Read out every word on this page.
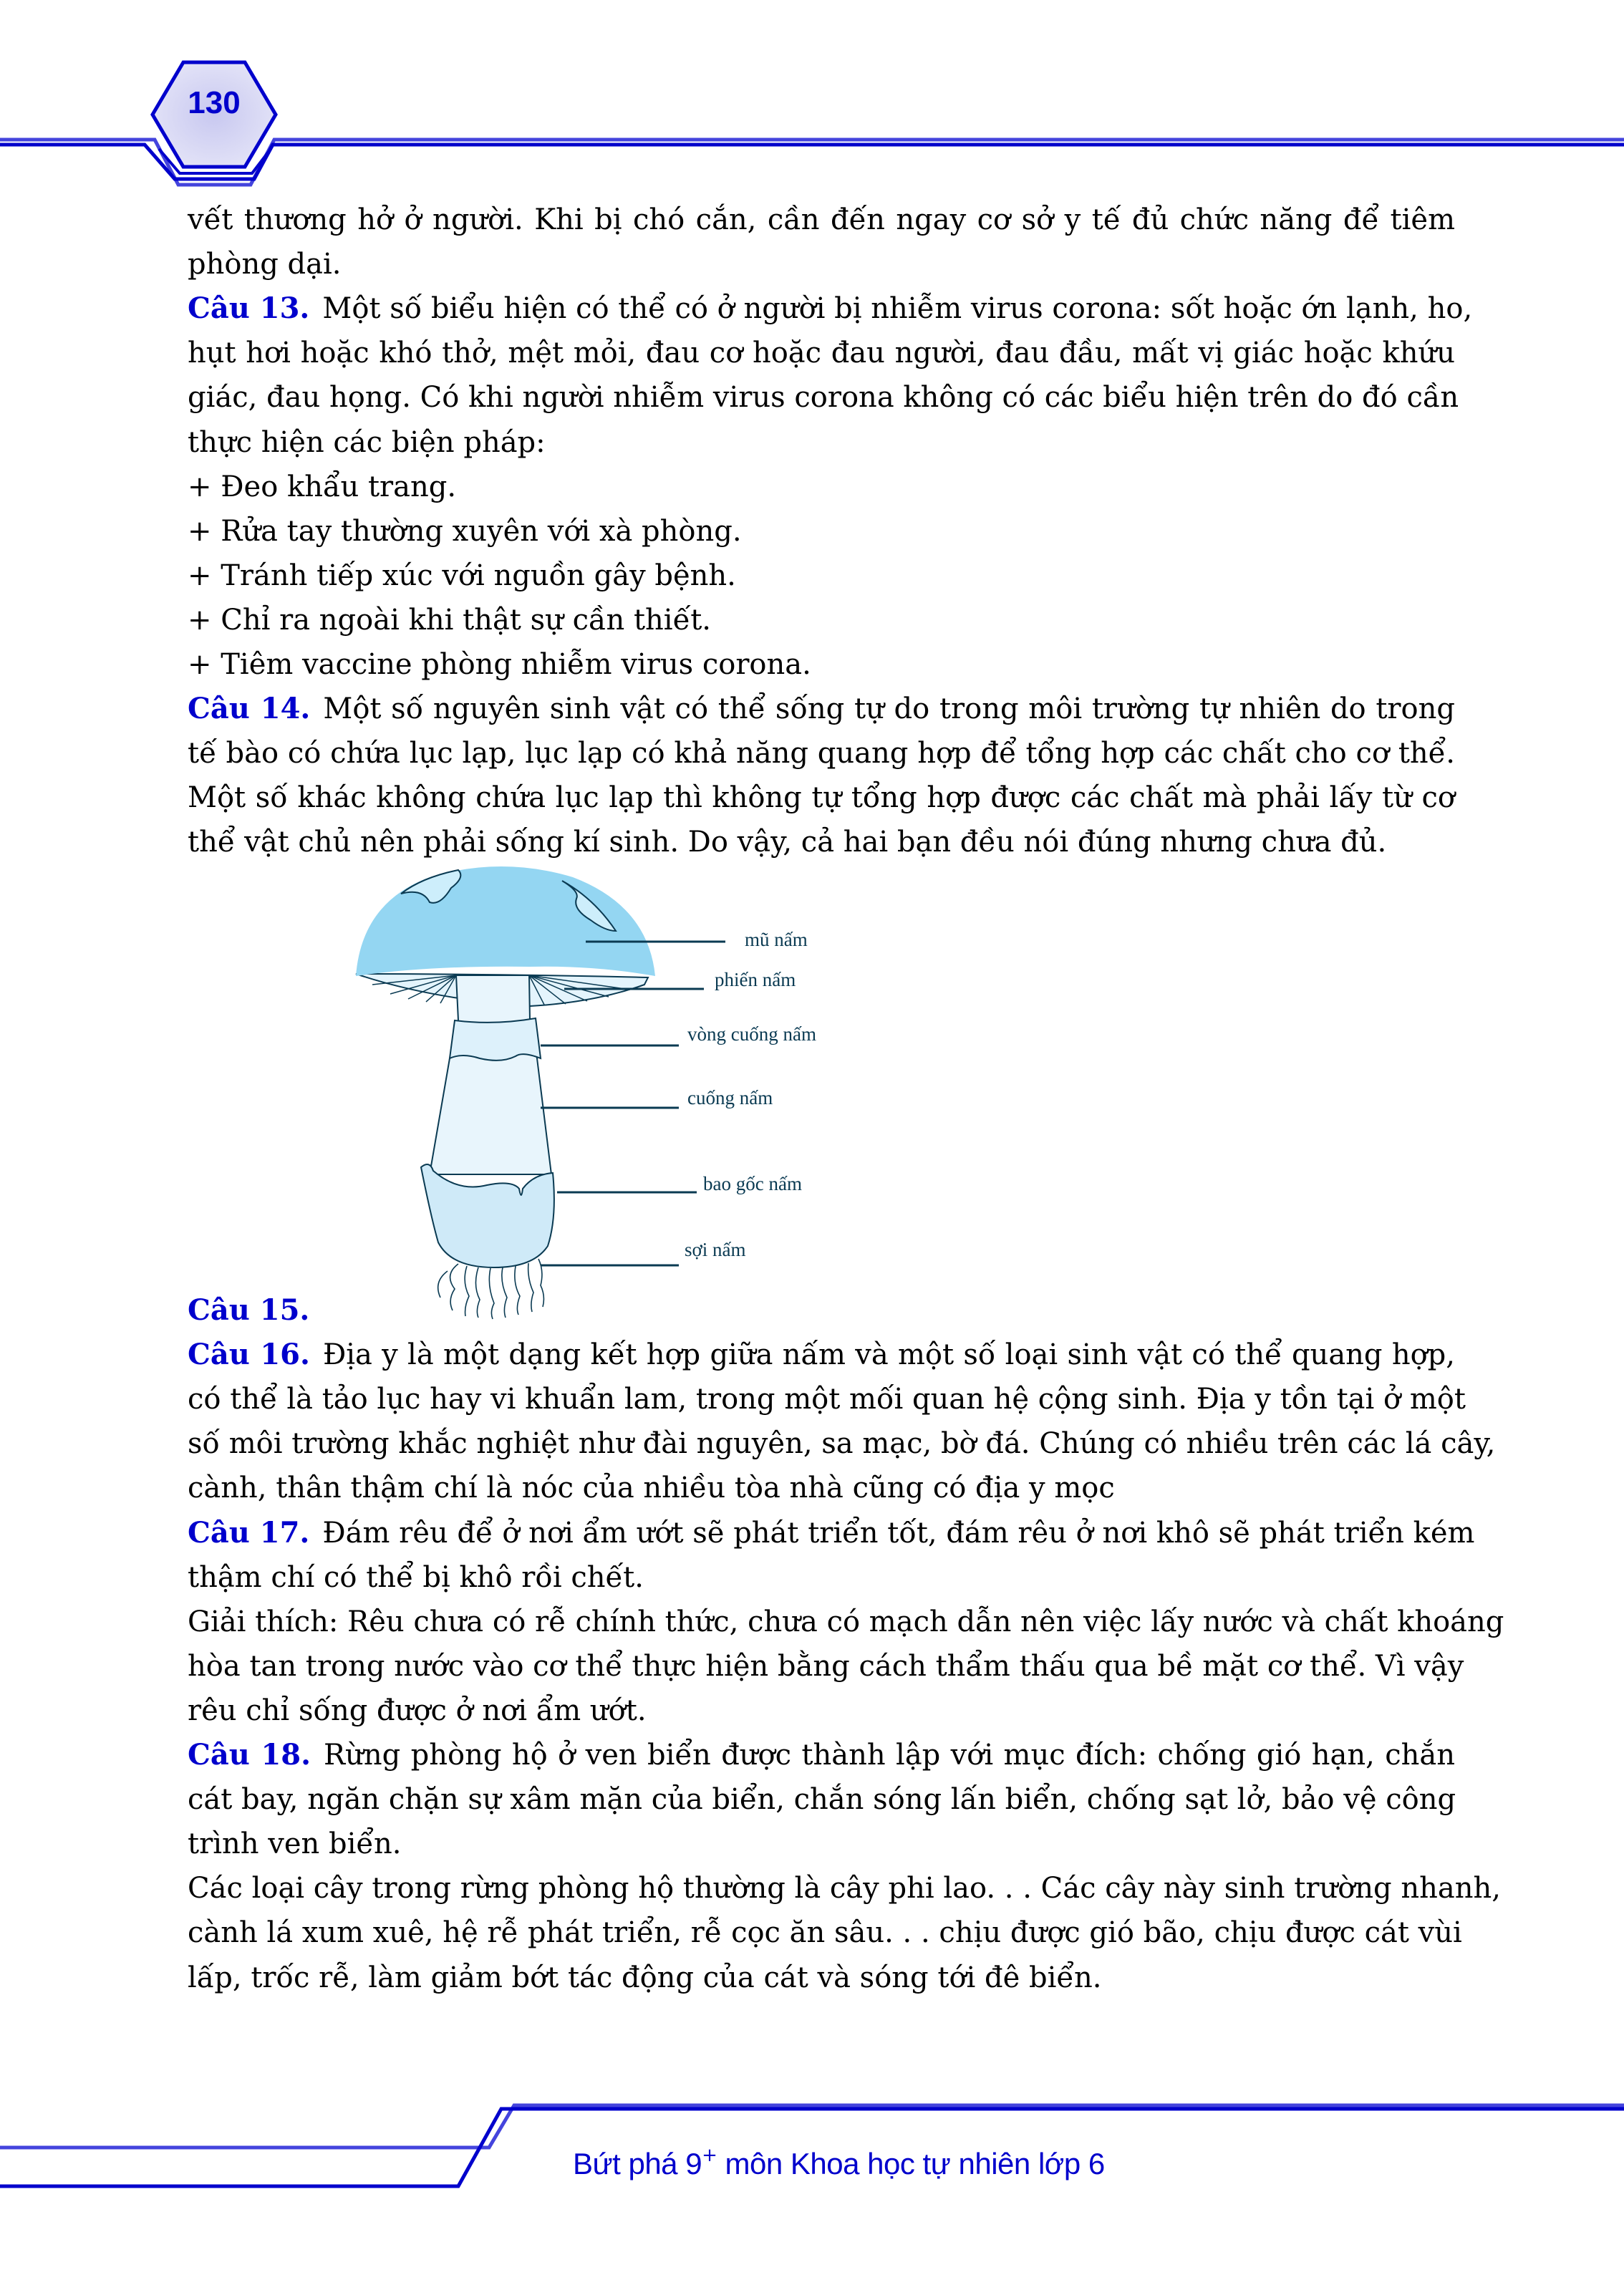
130
vết thương hở ở người. Khi bị chó cắn, cần đến ngay cơ sở y tế đủ chức năng để tiêm
phòng dại.
Câu 13. Một số biểu hiện có thể có ở người bị nhiễm virus corona: sốt hoặc ớn lạnh, ho,
hụt hơi hoặc khó thở, mệt mỏi, đau cơ hoặc đau người, đau đầu, mất vị giác hoặc khứu
giác, đau họng. Có khi người nhiễm virus corona không có các biểu hiện trên do đó cần
thực hiện các biện pháp:
+ Đeo khẩu trang.
+ Rửa tay thường xuyên với xà phòng.
+ Tránh tiếp xúc với nguồn gây bệnh.
+ Chỉ ra ngoài khi thật sự cần thiết.
+ Tiêm vaccine phòng nhiễm virus corona.
Câu 14. Một số nguyên sinh vật có thể sống tự do trong môi trường tự nhiên do trong
tế bào có chứa lục lạp, lục lạp có khả năng quang hợp để tổng hợp các chất cho cơ thể.
Một số khác không chứa lục lạp thì không tự tổng hợp được các chất mà phải lấy từ cơ
thể vật chủ nên phải sống kí sinh. Do vậy, cả hai bạn đều nói đúng nhưng chưa đủ.
mũ nấm
phiến nấm
vòng cuống nấm
cuống nấm
bao gốc nấm
sợi nấm
Câu 15.
Câu 16. Địa y là một dạng kết hợp giữa nấm và một số loại sinh vật có thể quang hợp,
có thể là tảo lục hay vi khuẩn lam, trong một mối quan hệ cộng sinh. Địa y tồn tại ở một
số môi trường khắc nghiệt như đài nguyên, sa mạc, bờ đá. Chúng có nhiều trên các lá cây,
cành, thân thậm chí là nóc của nhiều tòa nhà cũng có địa y mọc
Câu 17. Đám rêu để ở nơi ẩm ướt sẽ phát triển tốt, đám rêu ở nơi khô sẽ phát triển kém
thậm chí có thể bị khô rồi chết.
Giải thích: Rêu chưa có rễ chính thức, chưa có mạch dẫn nên việc lấy nước và chất khoáng
hòa tan trong nước vào cơ thể thực hiện bằng cách thẩm thấu qua bề mặt cơ thể. Vì vậy
rêu chỉ sống được ở nơi ẩm ướt.
Câu 18. Rừng phòng hộ ở ven biển được thành lập với mục đích: chống gió hạn, chắn
cát bay, ngăn chặn sự xâm mặn của biển, chắn sóng lấn biển, chống sạt lở, bảo vệ công
trình ven biển.
Các loại cây trong rừng phòng hộ thường là cây phi lao. . . Các cây này sinh trường nhanh,
cành lá xum xuê, hệ rễ phát triển, rễ cọc ăn sâu. . . chịu được gió bão, chịu được cát vùi
lấp, trốc rễ, làm giảm bớt tác động của cát và sóng tới đê biển.
Bứt phá 9+ môn Khoa học tự nhiên lớp 6
